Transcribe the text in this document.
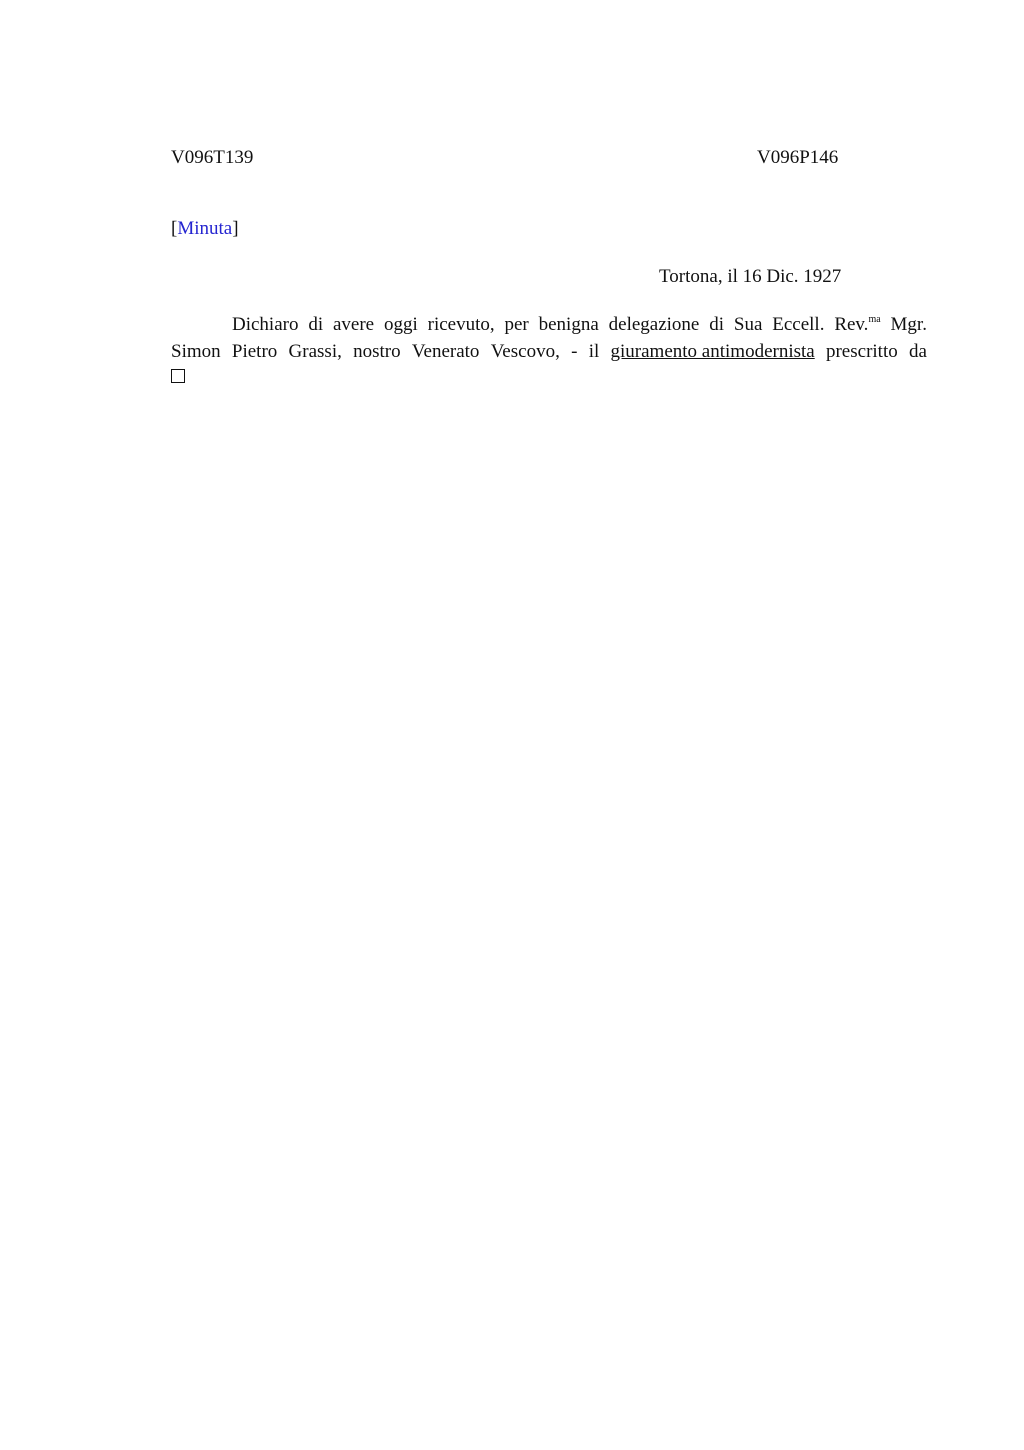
V096T139	V096P146
[Minuta]
Tortona, il 16 Dic. 1927
Dichiaro di avere oggi ricevuto, per benigna delegazione di Sua Eccell. Rev.$^{ma}$ Mgr.
Simon Pietro Grassi, nostro Venerato Vescovo, - il giuramento antimodernista prescritto da
